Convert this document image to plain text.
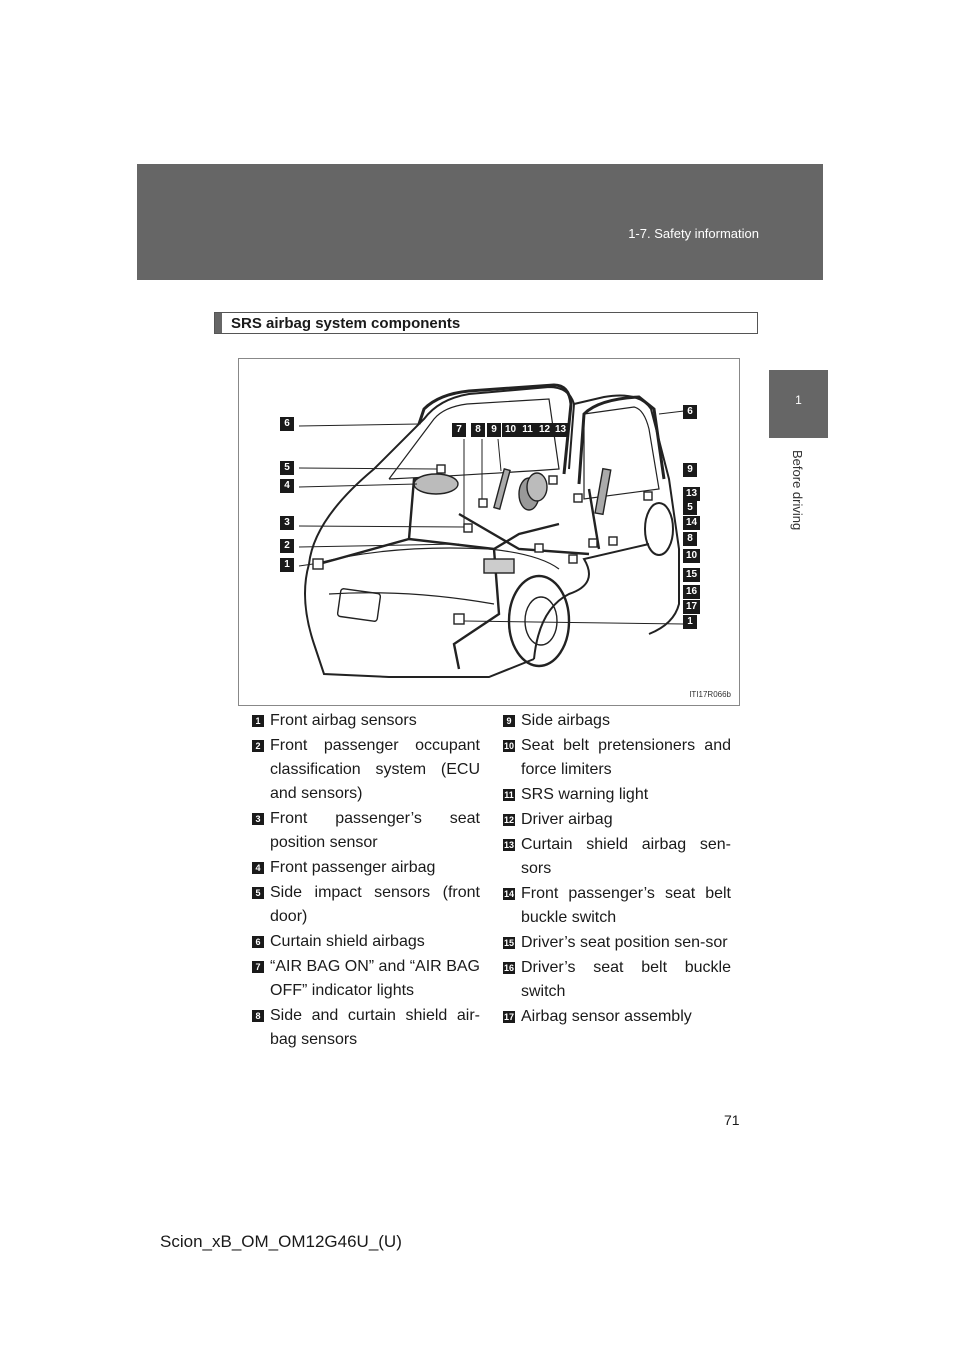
1-7. Safety information
1
Before driving
SRS airbag system components
ITI17R066b
7	8	9 10 11 12 13
6
5
4
3
2
1
6
9
13
5
14
8
10
15
16
17
1
1 Front airbag sensors
2 Front passenger occupant classification system (ECU and sensors)
3 Front passenger’s seat position sensor
4 Front passenger airbag
5 Side impact sensors (front door)
6 Curtain shield airbags
7 “AIR BAG ON” and “AIR BAG OFF” indicator lights
8 Side and curtain shield air-bag sensors
9 Side airbags
10 Seat belt pretensioners and force limiters
11 SRS warning light
12 Driver airbag
13 Curtain shield airbag sen-sors
14 Front passenger’s seat belt buckle switch
15 Driver’s seat position sen-sor
16 Driver’s seat belt buckle switch
17 Airbag sensor assembly
71
Scion_xB_OM_OM12G46U_(U)
